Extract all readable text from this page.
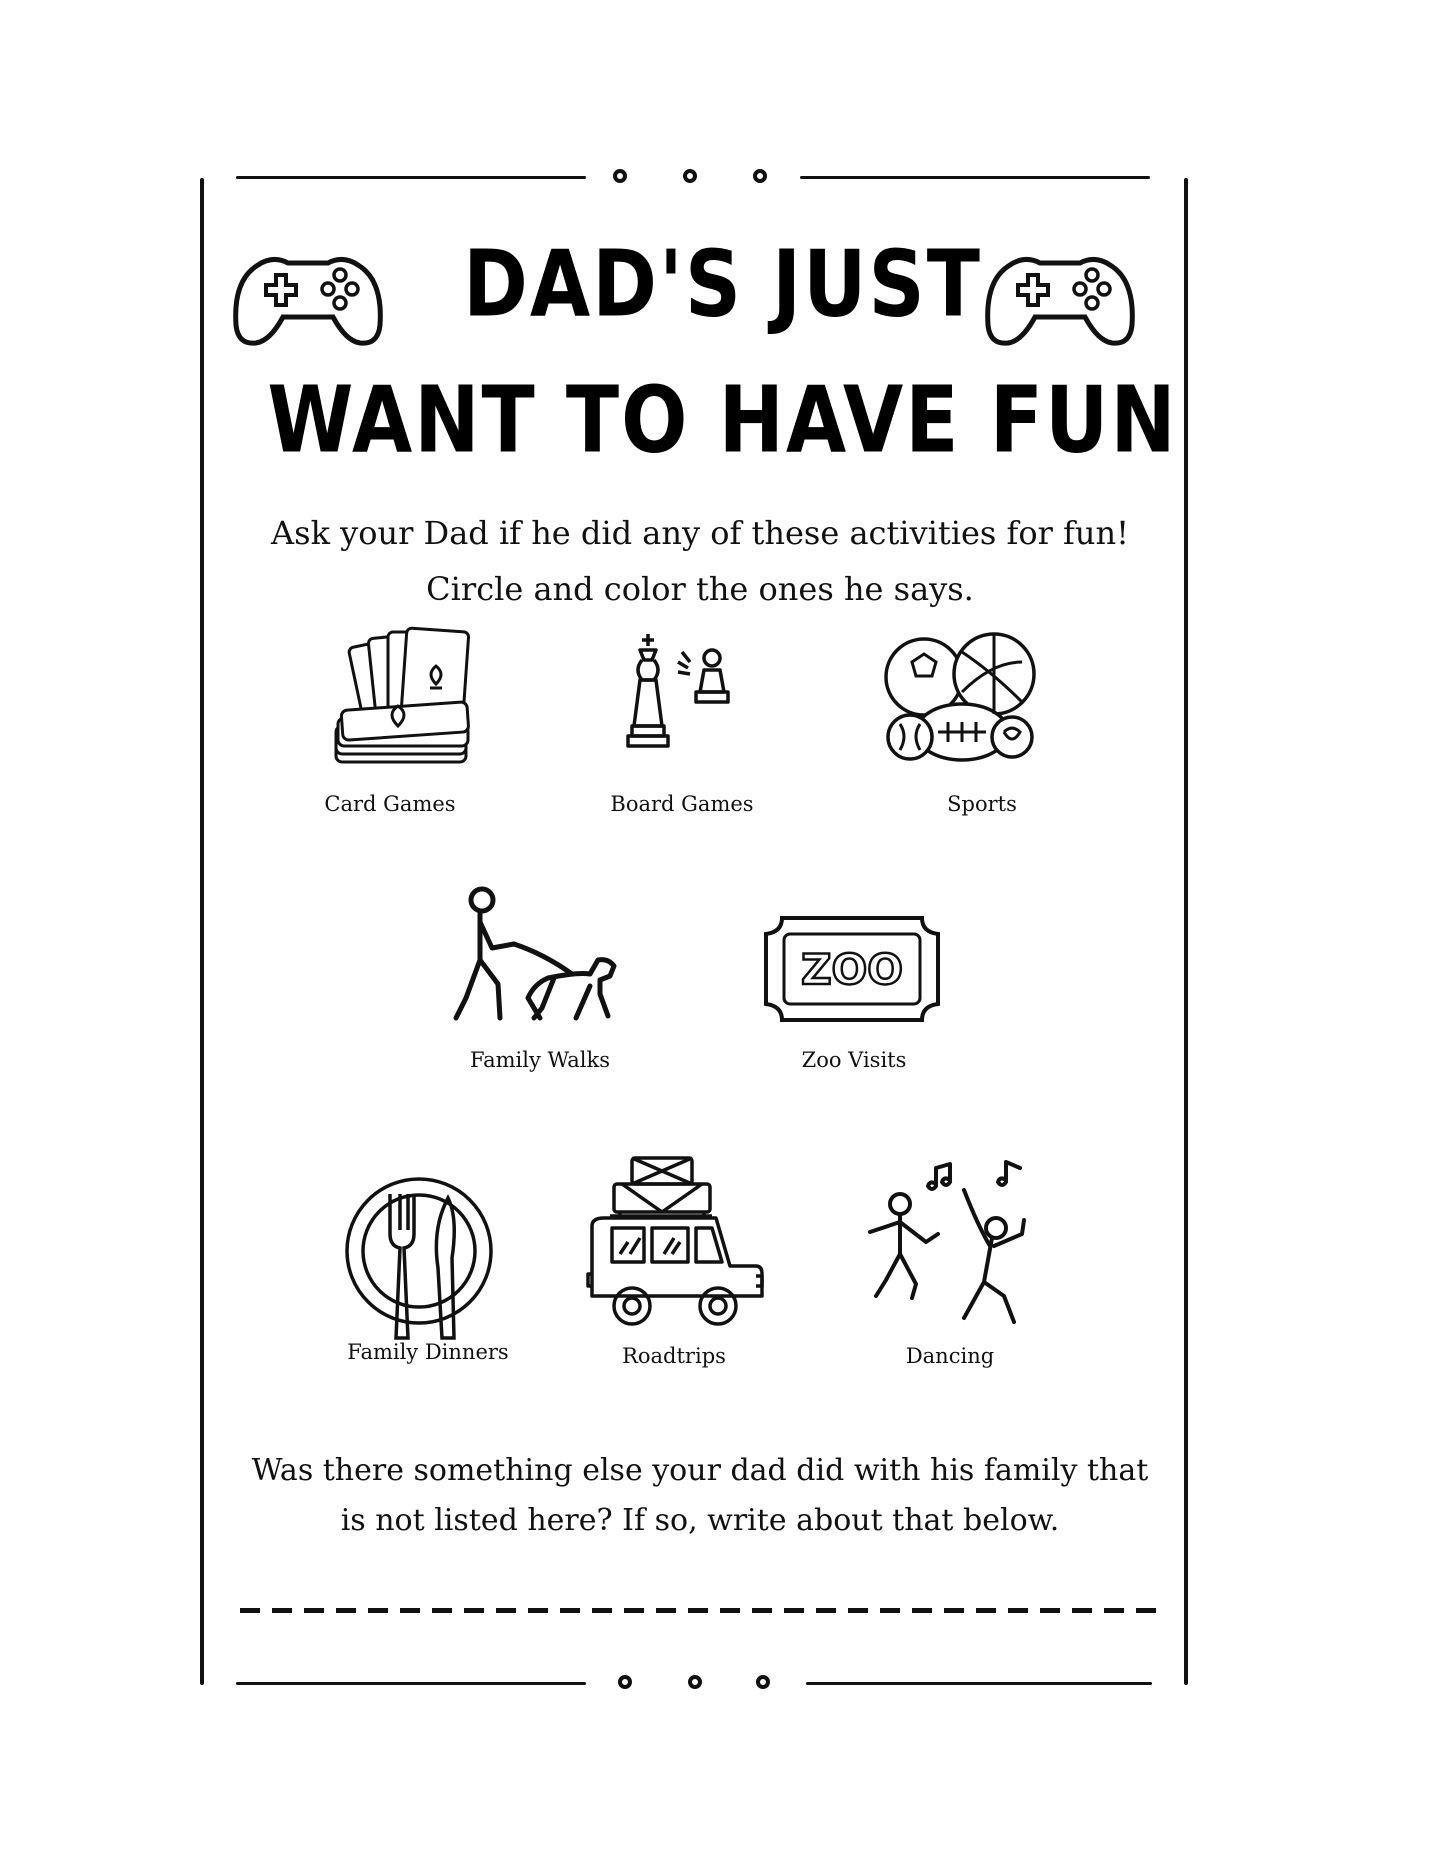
DAD'S JUST
WANT TO HAVE FUN
Ask your Dad if he did any of these activities for fun!
Circle and color the ones he says.
Card Games	Board Games	Sports
Family Walks
ZOO
Zoo Visits
Family Dinners	Roadtrips	Dancing
Was there something else your dad did with his family that
is not listed here? If so, write about that below.
